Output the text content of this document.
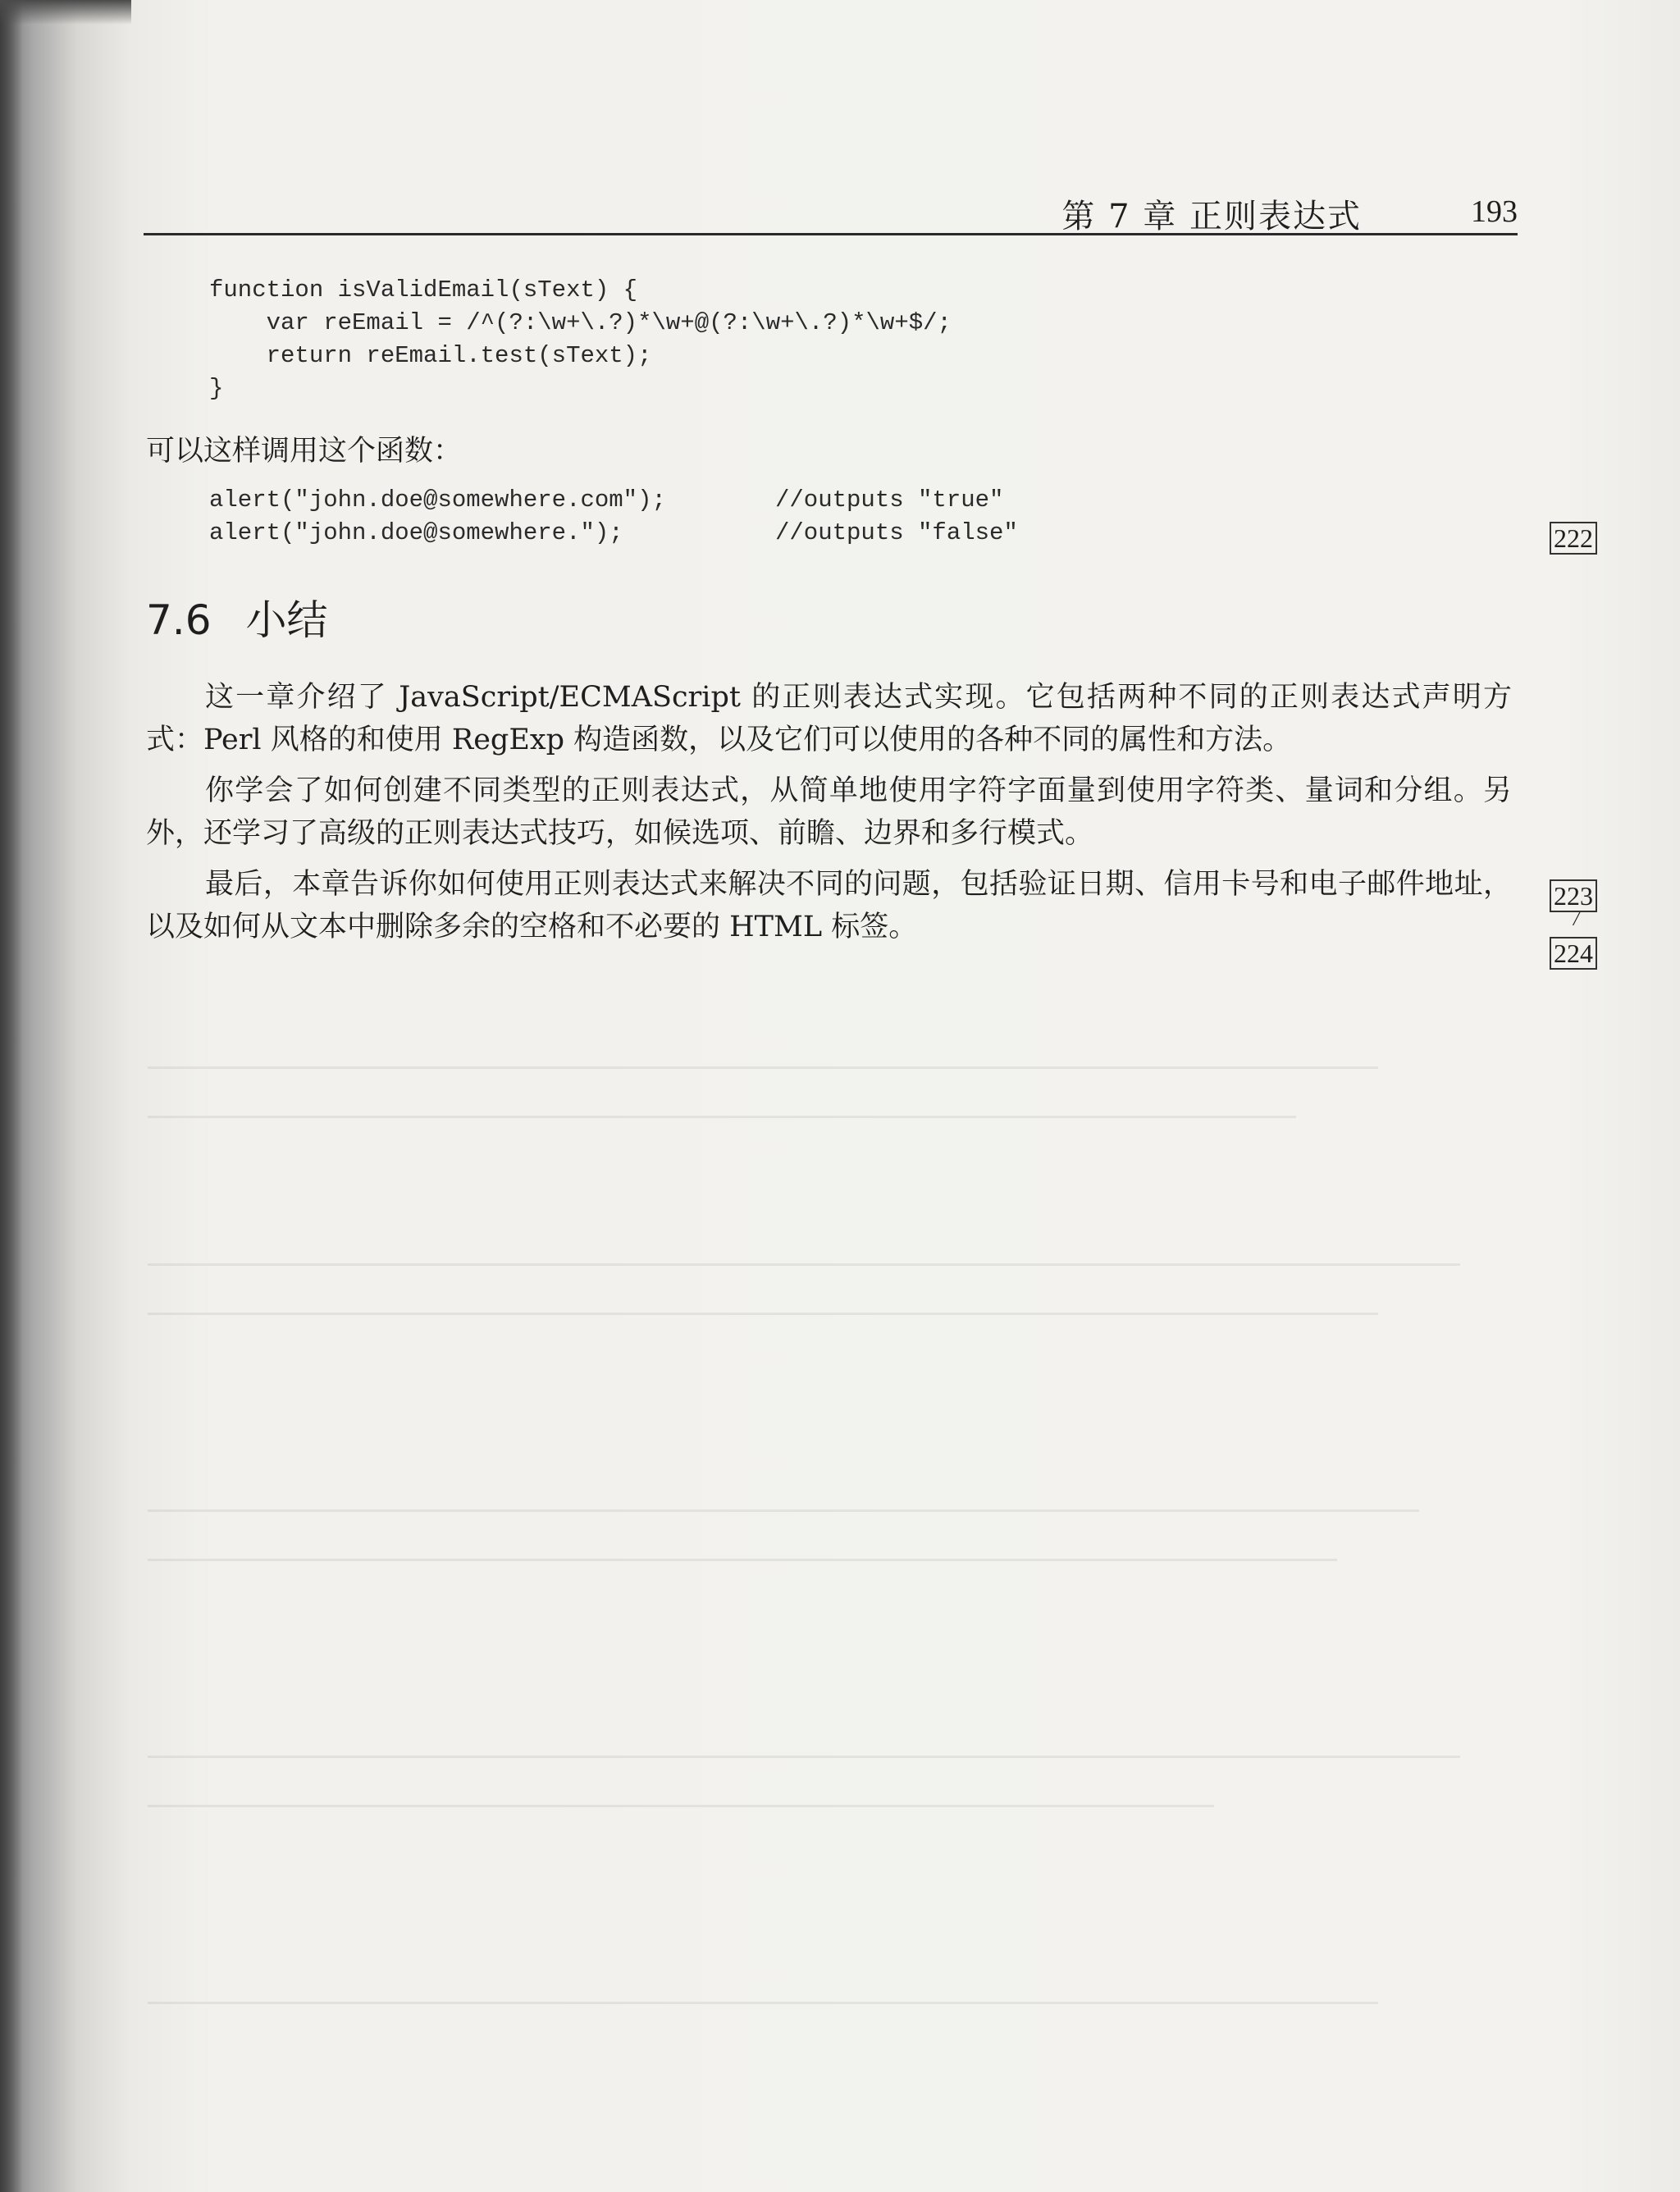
第 7 章 正则表达式	193
function isValidEmail(sText) {
var reEmail = /^(?:\w+\.?)*\w+@(?:\w+\.?)*\w+$/;
return reEmail.test(sText);
}
可以这样调用这个函数：
alert("john.doe@somewhere.com");
alert("john.doe@somewhere.");
//outputs "true"
//outputs "false"	222
7.6 小结
这一章介绍了 JavaScript/ECMAScript 的正则表达式实现。它包括两种不同的正则表达式声明方式：Perl 风格的和使用 RegExp 构造函数，以及它们可以使用的各种不同的属性和方法。
你学会了如何创建不同类型的正则表达式，从简单地使用字符字面量到使用字符类、量词和分组。另外，还学习了高级的正则表达式技巧，如候选项、前瞻、边界和多行模式。
最后，本章告诉你如何使用正则表达式来解决不同的问题，包括验证日期、信用卡号和电子邮件地址，以及如何从文本中删除多余的空格和不必要的 HTML 标签。
223
/
224
